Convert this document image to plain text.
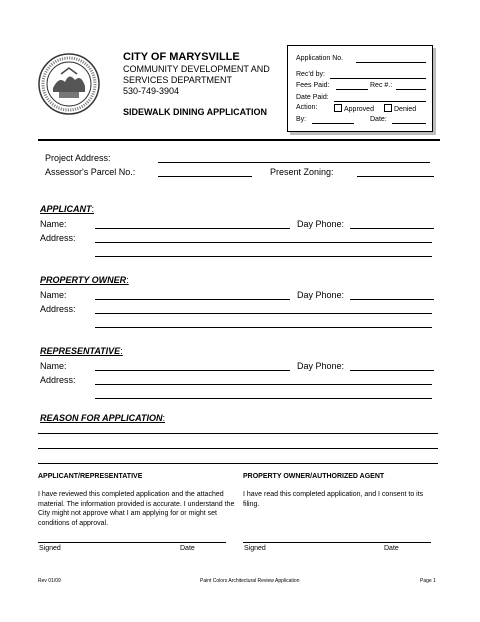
CITY OF MARYSVILLE
COMMUNITY DEVELOPMENT AND
SERVICES DEPARTMENT
530-749-3904
SIDEWALK DINING APPLICATION
Application No.
Rec'd by:
Fees Paid:	Rec #.:
Date Paid:
Action:	Approved	Denied
By:	Date:
Project Address:
Assessor's Parcel No.:	Present Zoning:
APPLICANT:
Name:	Day Phone:
Address:
PROPERTY OWNER:
Name:	Day Phone:
Address:
REPRESENTATIVE:
Name:	Day Phone:
Address:
REASON FOR APPLICATION:
APPLICANT/REPRESENTATIVE
I have reviewed this completed application and the attached material. The information provided is accurate. I understand the City might not approve what I am applying for or might set conditions of approval.
Signed	Date
PROPERTY OWNER/AUTHORIZED AGENT
I have read this completed application, and I consent to its filing.
Signed	Date
Rev 01/09	Paint Colors Architectural Review Application	Page 1
